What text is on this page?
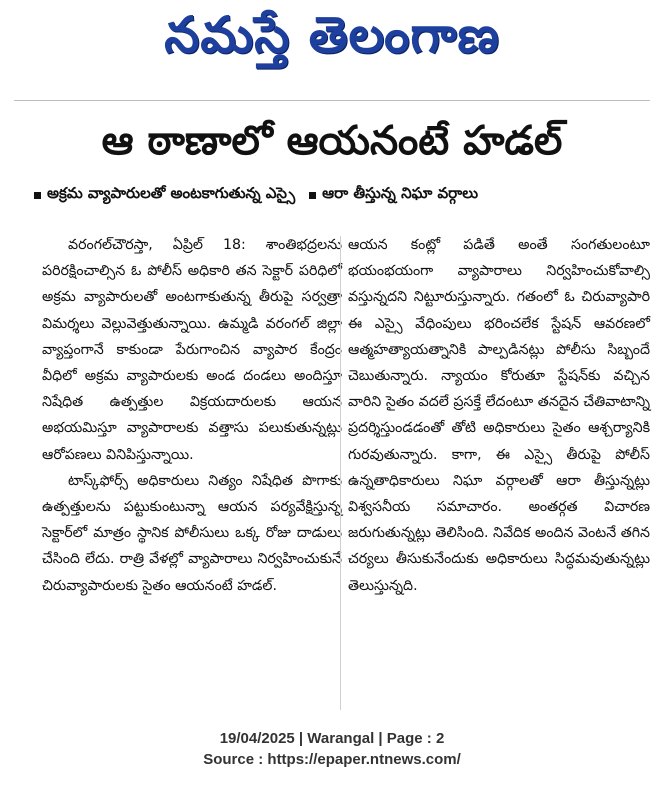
నమస్తే తెలంగాణ
ఆ ఠాణాలో ఆయనంటే హడల్
అక్రమ వ్యాపారులతో అంటకాగుతున్న ఎస్సై ఆరా తీస్తున్న నిఘా వర్గాలు

వరంగల్‌చౌరస్తా, ఏప్రిల్ 18: శాంతిభద్రలను పరిరక్షించాల్సిన ఓ పోలీస్ అధికారి తన సెక్టార్ పరిధిలో అక్రమ వ్యాపారులతో అంటగాకుతున్న తీరుపై సర్వత్రా విమర్శలు వెల్లువెత్తుతున్నాయి. ఉమ్మడి వరంగల్ జిల్లా వ్యాప్తంగానే కాకుండా పేరుగాంచిన వ్యాపార కేంద్రం వీధిలో అక్రమ వ్యాపారులకు అండ దండలు అందిస్తూ నిషేధిత ఉత్పత్తుల విక్రయదారులకు ఆయన అభయమిస్తూ వ్యాపారాలకు వత్తాసు పలుకుతున్నట్లు ఆరోపణలు వినిపిస్తున్నాయి.

టాస్క్‌ఫోర్స్ అధికారులు నిత్యం నిషేధిత పొగాకు ఉత్పత్తులను పట్టుకుంటున్నా ఆయన పర్యవేక్షిస్తున్న సెక్టార్‌లో మాత్రం స్థానిక పోలీసులు ఒక్క రోజు దాడులు చేసింది లేదు. రాత్రి వేళల్లో వ్యాపారాలు నిర్వహించుకునే చిరువ్యాపారులకు సైతం ఆయనంటే హడల్.

ఆయన కంట్లో పడితే అంతే సంగతులంటూ భయంభయంగా వ్యాపారాలు నిర్వహించుకోవాల్సి వస్తున్నదని నిట్టూరుస్తున్నారు. గతంలో ఓ చిరువ్యాపారి ఈ ఎస్సై వేధింపులు భరించలేక స్టేషన్ ఆవరణలో ఆత్మహత్యాయత్నానికి పాల్పడినట్లు పోలీసు సిబ్బందే చెబుతున్నారు. న్యాయం కోరుతూ స్టేషన్‌కు వచ్చిన వారిని సైతం వదలే ప్రసక్తే లేదంటూ తనదైన చేతివాటాన్ని ప్రదర్శిస్తుండడంతో తోటి అధికారులు సైతం ఆశ్చర్యానికి గురవుతున్నారు. కాగా, ఈ ఎస్సై తీరుపై పోలీస్ ఉన్నతాధికారులు నిఘా వర్గాలతో ఆరా తీస్తున్నట్లు విశ్వసనీయ సమాచారం. అంతర్గత విచారణ జరుగుతున్నట్లు తెలిసింది. నివేదిక అందిన వెంటనే తగిన చర్యలు తీసుకునేందుకు అధికారులు సిద్ధమవుతున్నట్లు తెలుస్తున్నది.

19/04/2025 | Warangal | Page : 2
Source : https://epaper.ntnews.com/
